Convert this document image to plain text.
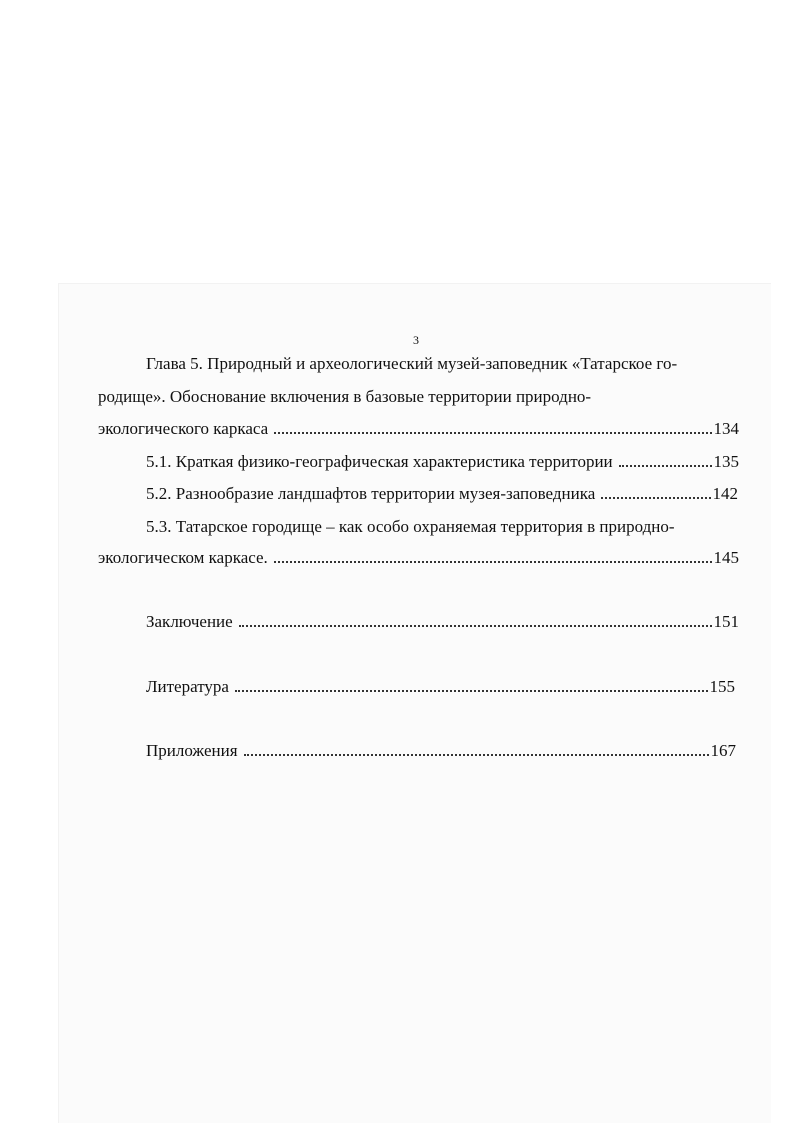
3
Глава 5. Природный и археологический музей-заповедник «Татарское го-
родище». Обоснование включения в базовые территории природно-
экологического каркаса	134
5.1. Краткая физико-географическая характеристика территории	135
5.2. Разнообразие ландшафтов территории музея-заповедника	142
5.3. Татарское городище – как особо охраняемая территория в природно-
экологическом каркасе.	145
Заключение	151
Литература	155
Приложения	167
